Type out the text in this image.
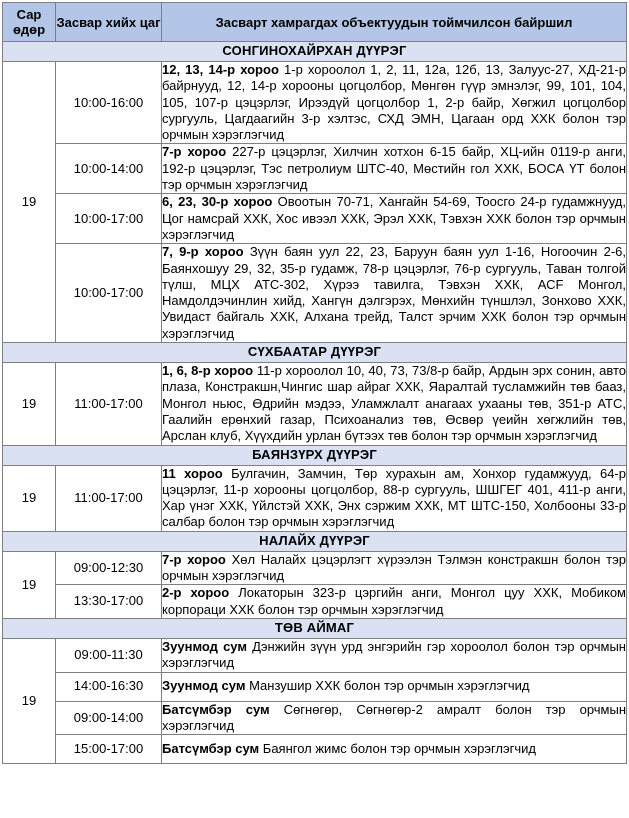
Сар өдөр	Засвар хийх цаг	Засварт хамрагдах объектуудын тоймчилсон байршил
СОНГИНОХАЙРХАН ДҮҮРЭГ		
19	10:00-16:00	12, 13, 14-р хороо 1-р хороолол 1, 2, 11, 12а, 12б, 13, Залуус-27, ХД-21-р байрнууд, 12, 14-р хорооны цогцолбор, Мөнгөн гүүр эмнэлэг, 99, 101, 104, 105, 107-р цэцэрлэг, Ирээдүй цогцолбор 1, 2-р байр, Хөгжил цогцолбор сургууль, Цагдаагийн 3-р хэлтэс, СХД ЭМН, Цагаан орд ХХК болон тэр орчмын хэрэглэгчид
	10:00-14:00	7-р хороо 227-р цэцэрлэг, Хилчин хотхон 6-15 байр, ХЦ-ийн 0119-р анги, 192-р цэцэрлэг, Тэс петролиум ШТС-40, Мөстийн гол ХХК, БОСА ҮТ болон тэр орчмын хэрэглэгчид
	10:00-17:00	6, 23, 30-р хороо Овоотын 70-71, Хангайн 54-69, Тоосго 24-р гудамжнууд, Цог намсрай ХХК, Хос ивээл ХХК, Эрэл ХХК, Тэвхэн ХХК болон тэр орчмын хэрэглэгчид
	10:00-17:00	7, 9-р хороо Зүүн баян уул 22, 23, Баруун баян уул 1-16, Ногоочин 2-6, Баянхошуу 29, 32, 35-р гудамж, 78-р цэцэрлэг, 76-р сургууль, Таван толгой түлш, МЦХ АТС-302, Хүрээ тавилга, Тэвхэн ХХК, АСF Монгол, Намдолдэчинлин хийд, Хангүн дэлгэрэх, Мөнхийн түншлэл, Зонхово ХХК, Увидаст байгаль ХХК, Алхана трейд, Талст эрчим ХХК болон тэр орчмын хэрэглэгчид
СҮХБААТАР ДҮҮРЭГ		
19	11:00-17:00	1, 6, 8-р хороо 11-р хороолол 10, 40, 73, 73/8-р байр, Ардын эрх сонин, авто плаза, Констракшн,Чингис шар айраг ХХК, Яаралтай тусламжийн төв бааз, Монгол ньюс, Өдрийн мэдээ, Уламжлалт анагаах ухааны төв, 351-р АТС, Гаалийн ерөнхий газар, Психоанализ төв, Өсвөр үеийн хөгжлийн төв, Арслан клуб, Хүүхдийн урлан бүтээх төв болон тэр орчмын хэрэглэгчид
БАЯНЗҮРХ ДҮҮРЭГ		
19	11:00-17:00	11 хороо Булгачин, Замчин, Төр хурахын ам, Хонхор гудамжууд, 64-р цэцэрлэг, 11-р хорооны цогцолбор, 88-р сургууль, ШШГЕГ 401, 411-р анги, Хар үнэг ХХК, Үйлстэй ХХК, Энх сэржим ХХК, МТ ШТС-150, Холбооны 33-р салбар болон тэр орчмын хэрэглэгчид
НАЛАЙХ ДҮҮРЭГ		
19	09:00-12:30	7-р хороо Хөл Налайх цэцэрлэгт хүрээлэн Тэлмэн констракшн болон тэр орчмын хэрэглэгчид
	13:30-17:00	2-р хороо Локаторын 323-р цэргийн анги, Монгол цуу ХХК, Мобиком корпораци ХХК болон тэр орчмын хэрэглэгчид
ТӨВ АЙМАГ		
19	09:00-11:30	Зуунмод сум Дэнжийн зүүн урд энгэрийн гэр хороолол болон тэр орчмын хэрэглэгчид
	14:00-16:30	Зуунмод сум Манзушир ХХК болон тэр орчмын хэрэглэгчид
	09:00-14:00	Батсүмбэр сум Сөгнөгөр, Сөгнөгөр-2 амралт болон тэр орчмын хэрэглэгчид
	15:00-17:00	Батсүмбэр сум Баянгол жимс болон тэр орчмын хэрэглэгчид
